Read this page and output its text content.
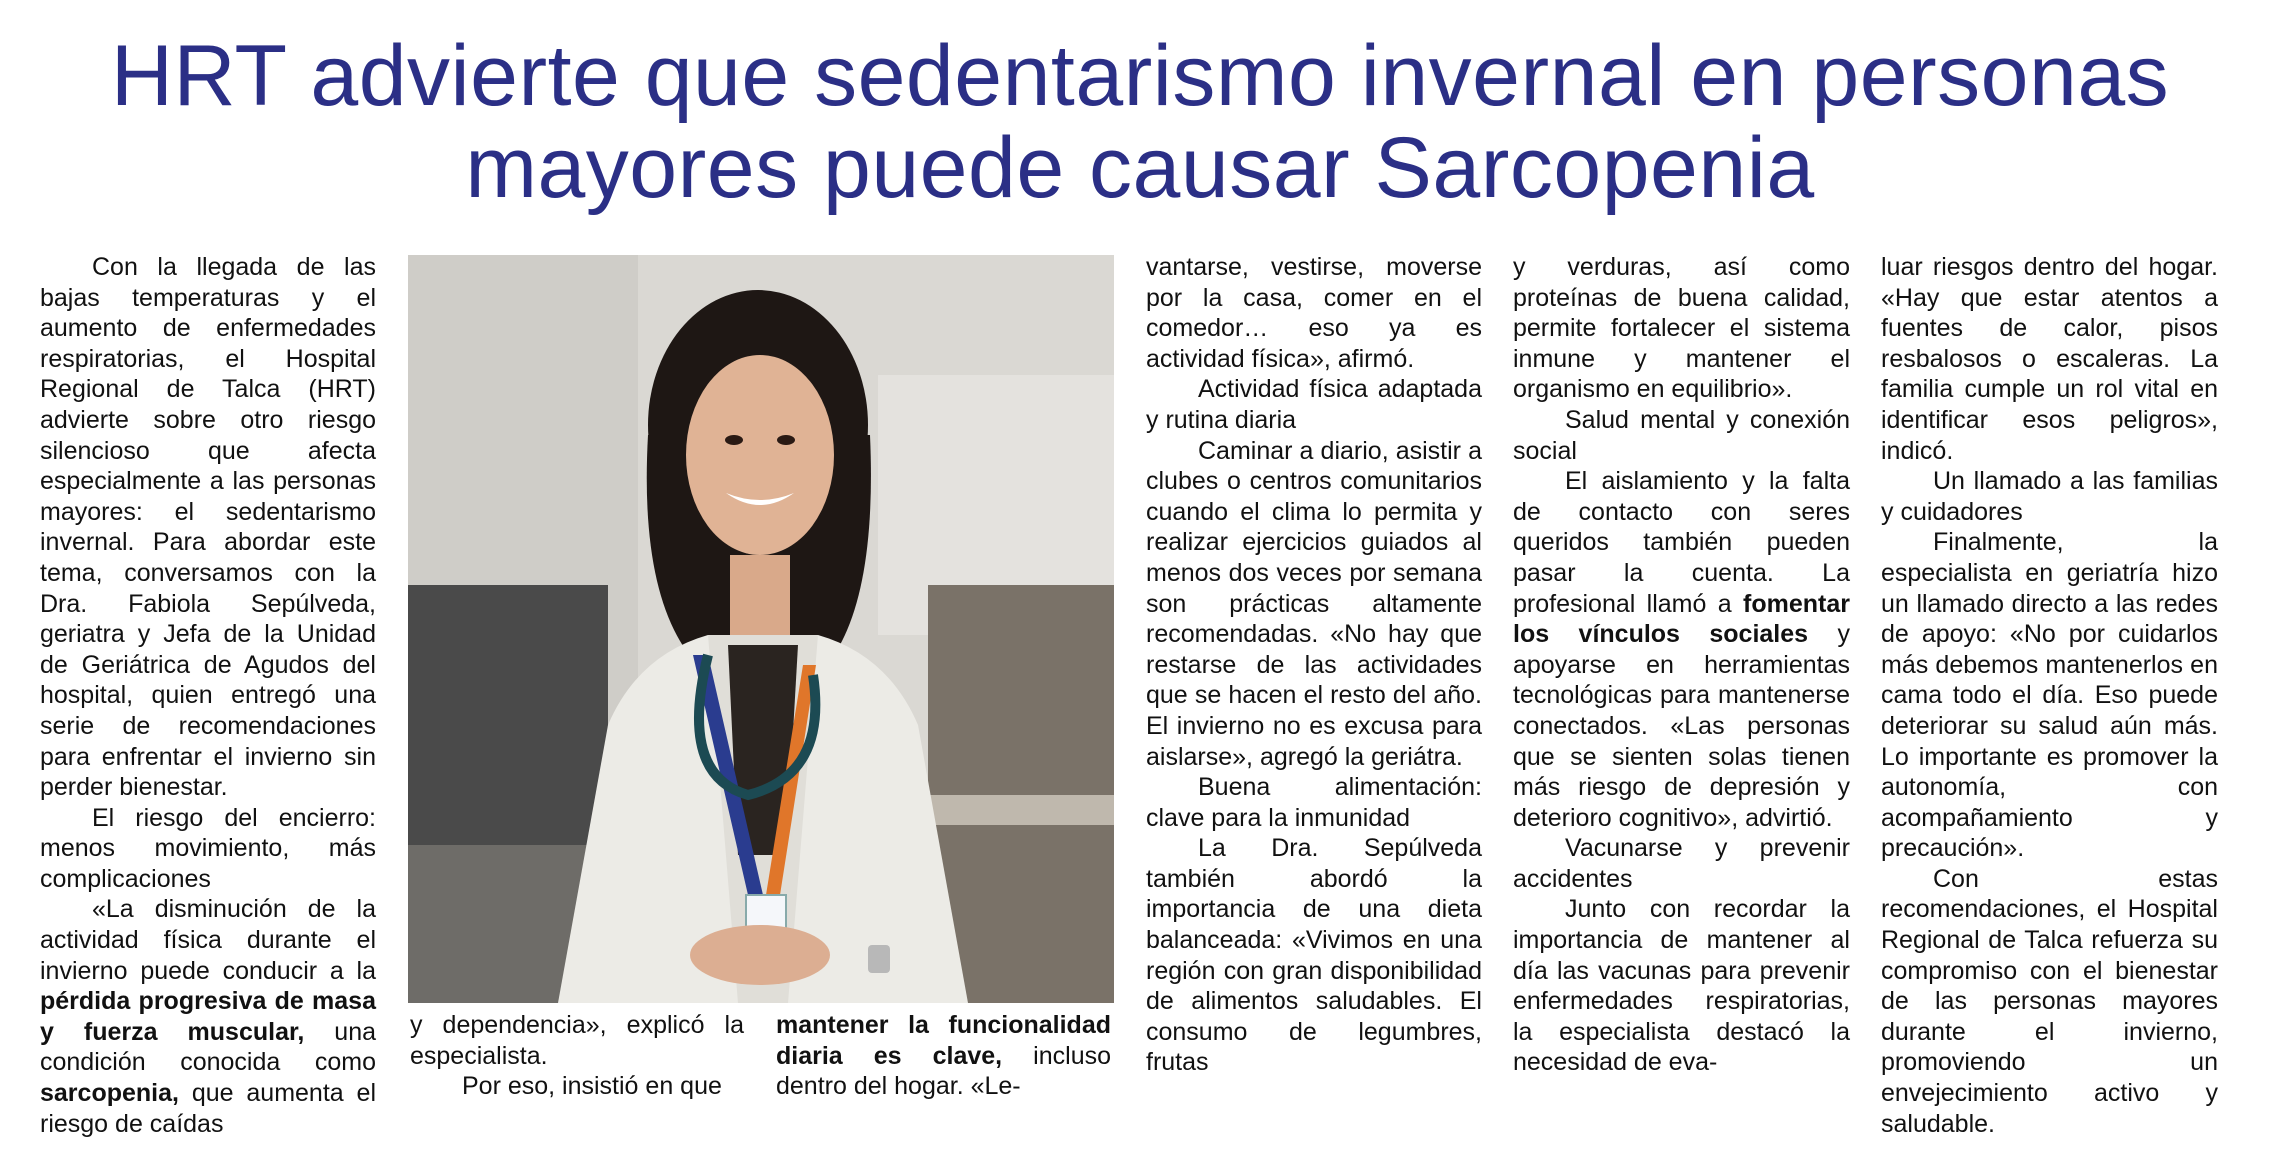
HRT advierte que sedentarismo invernal en personas
mayores puede causar Sarcopenia

Con la llegada de las bajas temperaturas y el aumento de enfermedades respiratorias, el Hospital Regional de Talca (HRT) advierte sobre otro riesgo silencioso que afecta especialmente a las personas mayores: el sedentarismo invernal. Para abordar este tema, conversamos con la Dra. Fabiola Sepúlveda, geriatra y Jefa de la Unidad de Geriátrica de Agudos del hospital, quien entregó una serie de recomendaciones para enfrentar el invierno sin perder bienestar.

El riesgo del encierro: menos movimiento, más complicaciones

«La disminución de la actividad física durante el invierno puede conducir a la pérdida progresiva de masa y fuerza muscular, una condición conocida como sarcopenia, que aumenta el riesgo de caídas

y dependencia», explicó la especialista.

Por eso, insistió en que

mantener la funcionalidad diaria es clave, incluso dentro del hogar. «Le-

vantarse, vestirse, moverse por la casa, comer en el comedor… eso ya es actividad física», afirmó.

Actividad física adaptada y rutina diaria

Caminar a diario, asistir a clubes o centros comunitarios cuando el clima lo permita y realizar ejercicios guiados al menos dos veces por semana son prácticas altamente recomendadas. «No hay que restarse de las actividades que se hacen el resto del año. El invierno no es excusa para aislarse», agregó la geriátra.

Buena alimentación: clave para la inmunidad

La Dra. Sepúlveda también abordó la importancia de una dieta balanceada: «Vivimos en una región con gran disponibilidad de alimentos saludables. El consumo de legumbres, frutas

y verduras, así como proteínas de buena calidad, permite fortalecer el sistema inmune y mantener el organismo en equilibrio».

Salud mental y conexión social

El aislamiento y la falta de contacto con seres queridos también pueden pasar la cuenta. La profesional llamó a fomentar los vínculos sociales y apoyarse en herramientas tecnológicas para mantenerse conectados. «Las personas que se sienten solas tienen más riesgo de depresión y deterioro cognitivo», advirtió.

Vacunarse y prevenir accidentes

Junto con recordar la importancia de mantener al día las vacunas para prevenir enfermedades respiratorias, la especialista destacó la necesidad de eva-

luar riesgos dentro del hogar. «Hay que estar atentos a fuentes de calor, pisos resbalosos o escaleras. La familia cumple un rol vital en identificar esos peligros», indicó.

Un llamado a las familias y cuidadores

Finalmente, la especialista en geriatría hizo un llamado directo a las redes de apoyo: «No por cuidarlos más debemos mantenerlos en cama todo el día. Eso puede deteriorar su salud aún más. Lo importante es promover la autonomía, con acompañamiento y precaución».

Con estas recomendaciones, el Hospital Regional de Talca refuerza su compromiso con el bienestar de las personas mayores durante el invierno, promoviendo un envejecimiento activo y saludable.
